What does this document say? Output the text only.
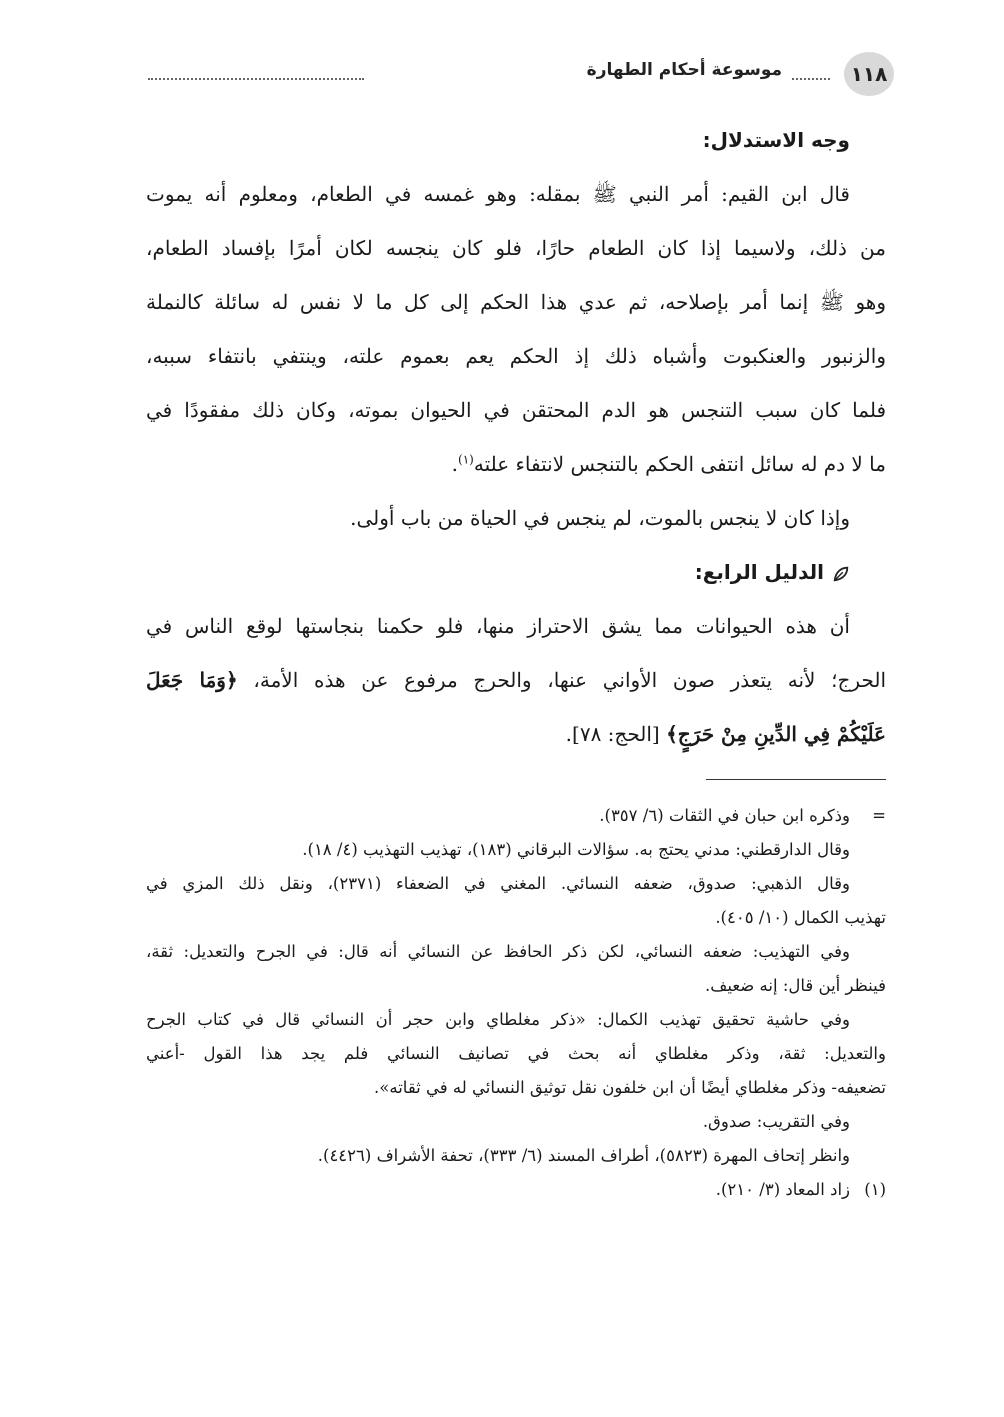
١١٨
موسوعة أحكام الطهارة
وجه الاستدلال:
قال ابن القيم: أمر النبي ﷺ بمقله: وهو غمسه في الطعام، ومعلوم أنه يموت
من ذلك، ولاسيما إذا كان الطعام حارًا، فلو كان ينجسه لكان أمرًا بإفساد الطعام،
وهو ﷺ إنما أمر بإصلاحه، ثم عدي هذا الحكم إلى كل ما لا نفس له سائلة كالنملة
والزنبور والعنكبوت وأشباه ذلك إذ الحكم يعم بعموم علته، وينتفي بانتفاء سببه،
فلما كان سبب التنجس هو الدم المحتقن في الحيوان بموته، وكان ذلك مفقودًا في
ما لا دم له سائل انتفى الحكم بالتنجس لانتفاء علته$^{(١)}$.
وإذا كان لا ينجس بالموت، لم ينجس في الحياة من باب أولى.
الدليل الرابع:
أن هذه الحيوانات مما يشق الاحتراز منها، فلو حكمنا بنجاستها لوقع الناس في
الحرج؛ لأنه يتعذر صون الأواني عنها، والحرج مرفوع عن هذه الأمة، ﴿وَمَا جَعَلَ
عَلَيْكُمْ فِي الدِّينِ مِنْ حَرَجٍ﴾ [الحج: ٧٨].
=وذكره ابن حبان في الثقات (٦/ ٣٥٧).
وقال الدارقطني: مدني يحتج به. سؤالات البرقاني (١٨٣)، تهذيب التهذيب (٤/ ١٨).
وقال الذهبي: صدوق، ضعفه النسائي. المغني في الضعفاء (٢٣٧١)، ونقل ذلك المزي في
تهذيب الكمال (١٠/ ٤٠٥).
وفي التهذيب: ضعفه النسائي، لكن ذكر الحافظ عن النسائي أنه قال: في الجرح والتعديل: ثقة،
فينظر أين قال: إنه ضعيف.
وفي حاشية تحقيق تهذيب الكمال: «ذكر مغلطاي وابن حجر أن النسائي قال في كتاب الجرح
والتعديل: ثقة، وذكر مغلطاي أنه بحث في تصانيف النسائي فلم يجد هذا القول -أعني
تضعيفه- وذكر مغلطاي أيضًا أن ابن خلفون نقل توثيق النسائي له في ثقاته».
وفي التقريب: صدوق.
وانظر إتحاف المهرة (٥٨٢٣)، أطراف المسند (٦/ ٣٣٣)، تحفة الأشراف (٤٤٢٦).
(١)زاد المعاد (٣/ ٢١٠).
